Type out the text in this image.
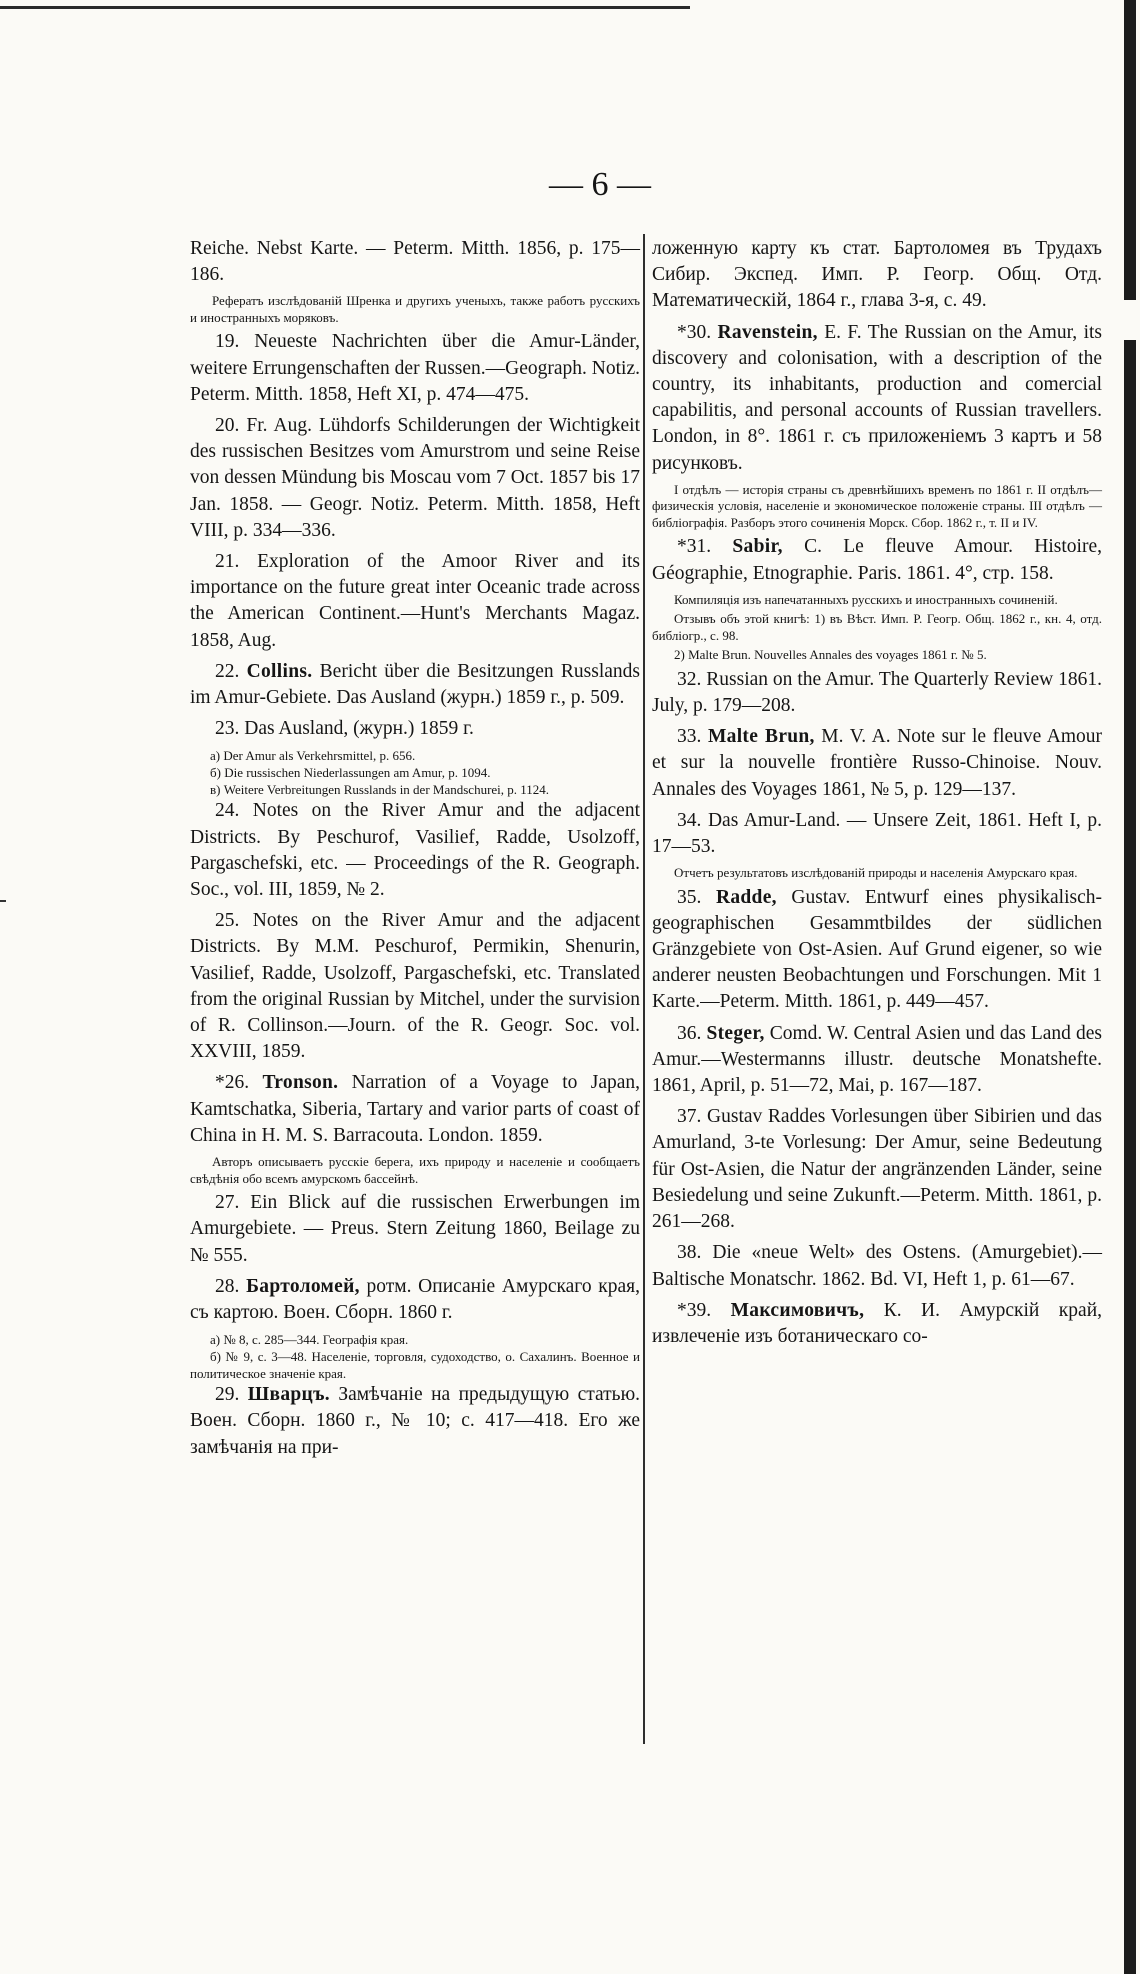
— 6 —
Reiche. Nebst Karte. — Peterm. Mitth. 1856, p. 175—186.
Рефератъ изслѣдованій Шренка и другихъ ученыхъ, также работъ русскихъ и иностранныхъ моряковъ.
19. Neueste Nachrichten über die Amur-Länder, weitere Errungenschaften der Russen.—Geograph. Notiz. Peterm. Mitth. 1858, Heft XI, p. 474—475.
20. Fr. Aug. Lühdorfs Schilderungen der Wichtigkeit des russischen Besitzes vom Amurstrom und seine Reise von dessen Mündung bis Moscau vom 7 Oct. 1857 bis 17 Jan. 1858. — Geogr. Notiz. Peterm. Mitth. 1858, Heft VIII, p. 334—336.
21. Exploration of the Amoor River and its importance on the future great inter Oceanic trade across the American Continent.—Hunt's Merchants Magaz. 1858, Aug.
22. Collins. Bericht über die Besitzungen Russlands im Amur-Gebiete. Das Ausland (журн.) 1859 г., p. 509.
23. Das Ausland, (журн.) 1859 г.
а) Der Amur als Verkehrsmittel, p. 656.
б) Die russischen Niederlassungen am Amur, p. 1094.
в) Weitere Verbreitungen Russlands in der Mandschurei, p. 1124.
24. Notes on the River Amur and the adjacent Districts. By Peschurof, Vasilief, Radde, Usolzoff, Pargaschefski, etc. — Proceedings of the R. Geograph. Soc., vol. III, 1859, № 2.
25. Notes on the River Amur and the adjacent Districts. By M.M. Peschurof, Permikin, Shenurin, Vasilief, Radde, Usolzoff, Pargaschefski, etc. Translated from the original Russian by Mitchel, under the survision of R. Collinson.—Journ. of the R. Geogr. Soc. vol. XXVIII, 1859.
*26. Tronson. Narration of a Voyage to Japan, Kamtschatka, Siberia, Tartary and varior parts of coast of China in H. M. S. Barracouta. London. 1859.
Авторъ описываетъ русскіе берега, ихъ природу и населеніе и сообщаетъ свѣдѣнія обо всемъ амурскомъ бассейнѣ.
27. Ein Blick auf die russischen Erwerbungen im Amurgebiete. — Preus. Stern Zeitung 1860, Beilage zu № 555.
28. Бартоломей, ротм. Описаніе Амурскаго края, съ картою. Воен. Сборн. 1860 г.
а) № 8, с. 285—344. Географія края.
б) № 9, с. 3—48. Населеніе, торговля, судоходство, о. Сахалинъ. Военное и политическое значеніе края.
29. Шварцъ. Замѣчаніе на предыдущую статью. Воен. Сборн. 1860 г., № 10; с. 417—418. Его же замѣчанія на при-
ложенную карту къ стат. Бартоломея въ Трудахъ Сибир. Экспед. Имп. Р. Геогр. Общ. Отд. Математическій, 1864 г., глава 3-я, с. 49.
*30. Ravenstein, E. F. The Russian on the Amur, its discovery and colonisation, with a description of the country, its inhabitants, production and comercial capabilitis, and personal accounts of Russian travellers. London, in 8°. 1861 г. съ приложеніемъ 3 картъ и 58 рисунковъ.
I отдѣлъ — исторія страны съ древнѣйшихъ временъ по 1861 г. II отдѣлъ—физическія условія, населеніе и экономическое положеніе страны. III отдѣлъ — библіографія. Разборъ этого сочиненія Морск. Сбор. 1862 г., т. II и IV.
*31. Sabir, C. Le fleuve Amour. Histoire, Géographie, Etnographie. Paris. 1861. 4°, стр. 158.
Компиляція изъ напечатанныхъ русскихъ и иностранныхъ сочиненій.
Отзывъ объ этой книгѣ: 1) въ Вѣст. Имп. Р. Геогр. Общ. 1862 г., кн. 4, отд. библіогр., с. 98.
2) Malte Brun. Nouvelles Annales des voyages 1861 г. № 5.
32. Russian on the Amur. The Quarterly Review 1861. July, p. 179—208.
33. Malte Brun, M. V. A. Note sur le fleuve Amour et sur la nouvelle frontière Russo-Chinoise. Nouv. Annales des Voyages 1861, № 5, p. 129—137.
34. Das Amur-Land. — Unsere Zeit, 1861. Heft I, p. 17—53.
Отчетъ результатовъ изслѣдованій природы и населенія Амурскаго края.
35. Radde, Gustav. Entwurf eines physikalisch-geographischen Gesammtbildes der südlichen Gränzgebiete von Ost-Asien. Auf Grund eigener, so wie anderer neusten Beobachtungen und Forschungen. Mit 1 Karte.—Peterm. Mitth. 1861, p. 449—457.
36. Steger, Comd. W. Central Asien und das Land des Amur.—Westermanns illustr. deutsche Monatshefte. 1861, April, p. 51—72, Mai, p. 167—187.
37. Gustav Raddes Vorlesungen über Sibirien und das Amurland, 3-te Vorlesung: Der Amur, seine Bedeutung für Ost-Asien, die Natur der angränzenden Länder, seine Besiedelung und seine Zukunft.—Peterm. Mitth. 1861, p. 261—268.
38. Die «neue Welt» des Ostens. (Amurgebiet).—Baltische Monatschr. 1862. Bd. VI, Heft 1, p. 61—67.
*39. Максимовичъ, К. И. Амурскій край, извлеченіе изъ ботаническаго со-
